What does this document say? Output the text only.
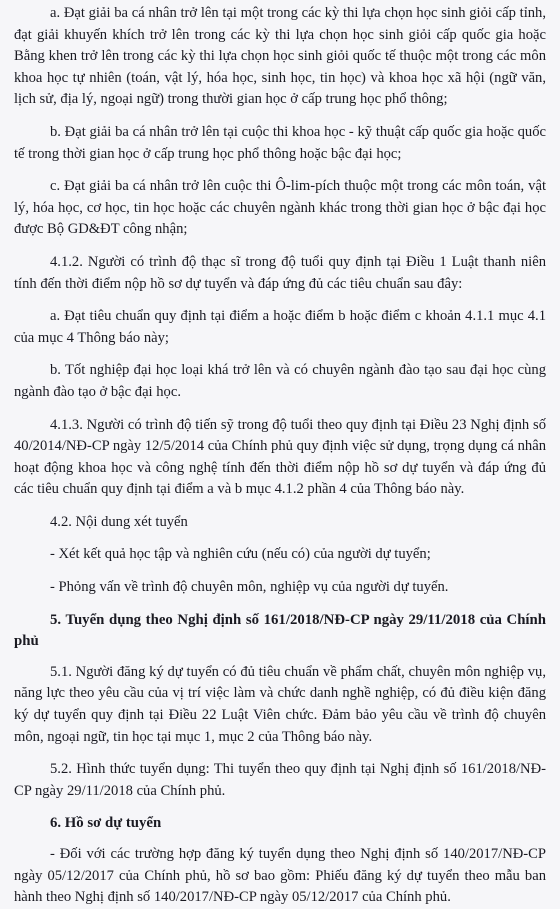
a. Đạt giải ba cá nhân trở lên tại một trong các kỳ thi lựa chọn học sinh giỏi cấp tỉnh, đạt giải khuyến khích trở lên trong các kỳ thi lựa chọn học sinh giỏi cấp quốc gia hoặc Bằng khen trở lên trong các kỳ thi lựa chọn học sinh giỏi quốc tế thuộc một trong các môn khoa học tự nhiên (toán, vật lý, hóa học, sinh học, tin học) và khoa học xã hội (ngữ văn, lịch sử, địa lý, ngoại ngữ) trong thười gian học ở cấp trung học phổ thông;

b. Đạt giải ba cá nhân trở lên tại cuộc thi khoa học - kỹ thuật cấp quốc gia hoặc quốc tế trong thời gian học ở cấp trung học phổ thông hoặc bậc đại học;

c. Đạt giải ba cá nhân trở lên cuộc thi Ô-lim-pích thuộc một trong các môn toán, vật lý, hóa học, cơ học, tin học hoặc các chuyên ngành khác trong thời gian học ở bậc đại học được Bộ GD&ĐT công nhận;

4.1.2. Người có trình độ thạc sĩ trong độ tuổi quy định tại Điều 1 Luật thanh niên tính đến thời điểm nộp hồ sơ dự tuyển và đáp ứng đủ các tiêu chuẩn sau đây:

a. Đạt tiêu chuẩn quy định tại điểm a hoặc điểm b hoặc điểm c khoản 4.1.1 mục 4.1 của mục 4 Thông báo này;

b. Tốt nghiệp đại học loại khá trở lên và có chuyên ngành đào tạo sau đại học cùng ngành đào tạo ở bậc đại học.

4.1.3. Người có trình độ tiến sỹ trong độ tuổi theo quy định tại Điều 23 Nghị định số 40/2014/NĐ-CP ngày 12/5/2014 của Chính phủ quy định việc sử dụng, trọng dụng cá nhân hoạt động khoa học và công nghệ tính đến thời điểm nộp hồ sơ dự tuyển và đáp ứng đủ các tiêu chuẩn quy định tại điểm a và b mục 4.1.2 phần 4 của Thông báo này.

4.2. Nội dung xét tuyển

- Xét kết quả học tập và nghiên cứu (nếu có) của người dự tuyển;

- Phỏng vấn về trình độ chuyên môn, nghiệp vụ của người dự tuyển.

5. Tuyển dụng theo Nghị định số 161/2018/NĐ-CP ngày 29/11/2018 của Chính phủ

5.1. Người đăng ký dự tuyển có đủ tiêu chuẩn về phẩm chất, chuyên môn nghiệp vụ, năng lực theo yêu cầu của vị trí việc làm và chức danh nghề nghiệp, có đủ điều kiện đăng ký dự tuyển quy định tại Điều 22 Luật Viên chức. Đảm bảo yêu cầu về trình độ chuyên môn, ngoại ngữ, tin học tại mục 1, mục 2 của Thông báo này.

5.2. Hình thức tuyển dụng: Thi tuyển theo quy định tại Nghị định số 161/2018/NĐ-CP ngày 29/11/2018 của Chính phủ.

6. Hồ sơ dự tuyển

- Đối với các trường hợp đăng ký tuyển dụng theo Nghị định số 140/2017/NĐ-CP ngày 05/12/2017 của Chính phủ, hồ sơ bao gồm: Phiếu đăng ký dự tuyển theo mẫu ban hành theo Nghị định số 140/2017/NĐ-CP ngày 05/12/2017 của Chính phủ.
